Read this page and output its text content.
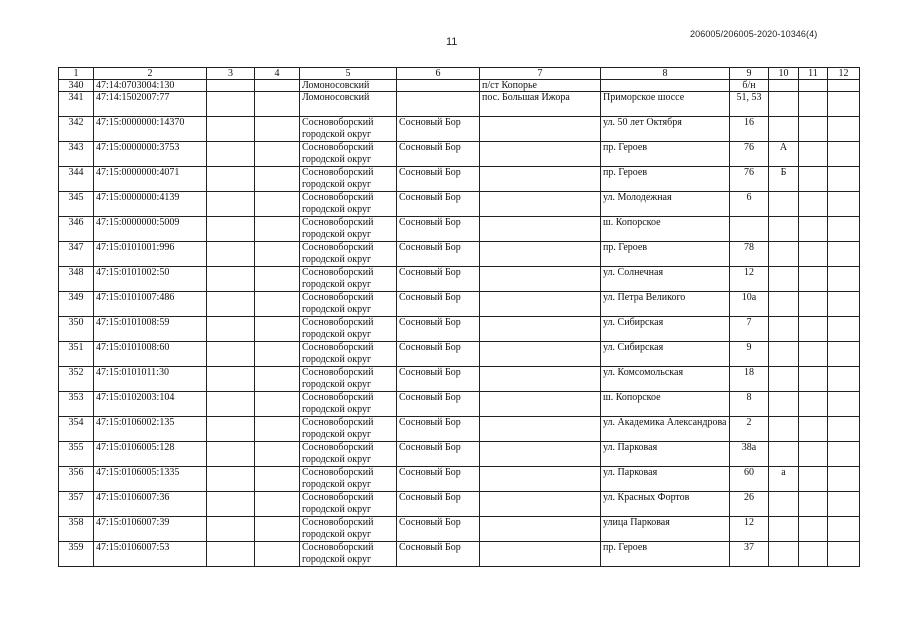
206005/206005-2020-10346(4)
11
1	2	3	4	5	6	7	8	9	10	11	12
340	47:14:0703004:130			Ломоносовский		п/ст Копорье		б/н			
341	47:14:1502007:77			Ломоносовский		пос. Большая Ижора	Приморское шоссе	51, 53			
342	47:15:0000000:14370			Сосновоборский городской округ	Сосновый Бор		ул. 50 лет Октября	16			
343	47:15:0000000:3753			Сосновоборский городской округ	Сосновый Бор		пр. Героев	76	А		
344	47:15:0000000:4071			Сосновоборский городской округ	Сосновый Бор		пр. Героев	76	Б		
345	47:15:0000000:4139			Сосновоборский городской округ	Сосновый Бор		ул. Молодежная	6			
346	47:15:0000000:5009			Сосновоборский городской округ	Сосновый Бор		ш. Копорское				
347	47:15:0101001:996			Сосновоборский городской округ	Сосновый Бор		пр. Героев	78			
348	47:15:0101002:50			Сосновоборский городской округ	Сосновый Бор		ул. Солнечная	12			
349	47:15:0101007:486			Сосновоборский городской округ	Сосновый Бор		ул. Петра Великого	10а			
350	47:15:0101008:59			Сосновоборский городской округ	Сосновый Бор		ул. Сибирская	7			
351	47:15:0101008:60			Сосновоборский городской округ	Сосновый Бор		ул. Сибирская	9			
352	47:15:0101011:30			Сосновоборский городской округ	Сосновый Бор		ул. Комсомольская	18			
353	47:15:0102003:104			Сосновоборский городской округ	Сосновый Бор		ш. Копорское	8			
354	47:15:0106002:135			Сосновоборский городской округ	Сосновый Бор		ул. Академика Александрова	2			
355	47:15:0106005:128			Сосновоборский городской округ	Сосновый Бор		ул. Парковая	38а			
356	47:15:0106005:1335			Сосновоборский городской округ	Сосновый Бор		ул. Парковая	60	а		
357	47:15:0106007:36			Сосновоборский городской округ	Сосновый Бор		ул. Красных Фортов	26			
358	47:15:0106007:39			Сосновоборский городской округ	Сосновый Бор		улица Парковая	12			
359	47:15:0106007:53			Сосновоборский городской округ	Сосновый Бор		пр. Героев	37			
